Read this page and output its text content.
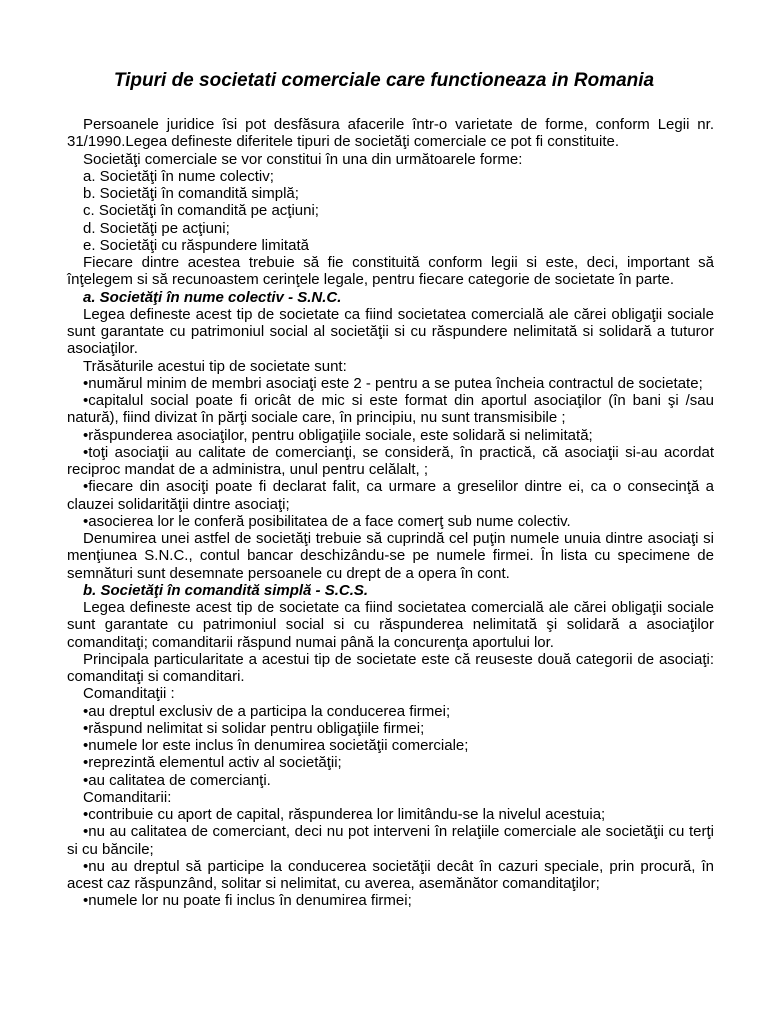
Tipuri de societati comerciale care functioneaza in Romania
Persoanele juridice îsi pot desfăsura afacerile într-o varietate de forme, conform Legii nr.
31/1990.Legea defineste diferitele tipuri de societăţi comerciale ce pot fi constituite.
Societăţi comerciale se vor constitui în una din următoarele forme:
a. Societăţi în nume colectiv;
b. Societăţi în comandită simplă;
c. Societăţi în comandită pe acţiuni;
d. Societăţi pe acţiuni;
e. Societăţi cu răspundere limitată
Fiecare dintre acestea trebuie să fie constituită conform legii si este, deci, important să
înţelegem si să recunoastem cerinţele legale, pentru fiecare categorie de societate în parte.
a. Societăţi în nume colectiv - S.N.C.
Legea defineste acest tip de societate ca fiind societatea comercială ale cărei obligaţii sociale
sunt garantate cu patrimoniul social al societăţii si cu răspundere nelimitată si solidară a tuturor
asociaţilor.
Trăsăturile acestui tip de societate sunt:
•numărul minim de membri asociaţi este 2 - pentru a se putea încheia contractul de societate;
•capitalul social poate fi oricât de mic si este format din aportul asociaţilor (în bani şi /sau
natură), fiind divizat în părţi sociale care, în principiu, nu sunt transmisibile ;
•răspunderea asociaţilor, pentru obligaţiile sociale, este solidară si nelimitată;
•toţi asociaţii au calitate de comercianţi, se consideră, în practică, că asociaţii si-au acordat
reciproc mandat de a administra, unul pentru celălalt, ;
•fiecare din asociţi poate fi declarat falit, ca urmare a greselilor dintre ei, ca o consecinţă a
clauzei solidarităţii dintre asociaţi;
•asocierea lor le conferă posibilitatea de a face comerţ sub nume colectiv.
Denumirea unei astfel de societăţi trebuie să cuprindă cel puţin numele unuia dintre asociaţi si
menţiunea S.N.C., contul bancar deschizându-se pe numele firmei. În lista cu specimene de
semnături sunt desemnate persoanele cu drept de a opera în cont.
b. Societăţi în comandită simplă - S.C.S.
Legea defineste acest tip de societate ca fiind societatea comercială ale cărei obligaţii sociale
sunt garantate cu patrimoniul social si cu răspunderea nelimitată şi solidară a asociaţilor
comanditaţi; comanditarii răspund numai până la concurenţa aportului lor.
Principala particularitate a acestui tip de societate este că reuseste două categorii de asociaţi:
comanditaţi si comanditari.
Comanditaţii :
•au dreptul exclusiv de a participa la conducerea firmei;
•răspund nelimitat si solidar pentru obligaţiile firmei;
•numele lor este inclus în denumirea societăţii comerciale;
•reprezintă elementul activ al societăţii;
•au calitatea de comercianţi.
Comanditarii:
•contribuie cu aport de capital, răspunderea lor limitându-se la nivelul acestuia;
•nu au calitatea de comerciant, deci nu pot interveni în relaţiile comerciale ale societăţii cu terţi
si cu băncile;
•nu au dreptul să participe la conducerea societăţii decât în cazuri speciale, prin procură, în
acest caz răspunzând, solitar si nelimitat, cu averea, asemănător comanditaţilor;
•numele lor nu poate fi inclus în denumirea firmei;
